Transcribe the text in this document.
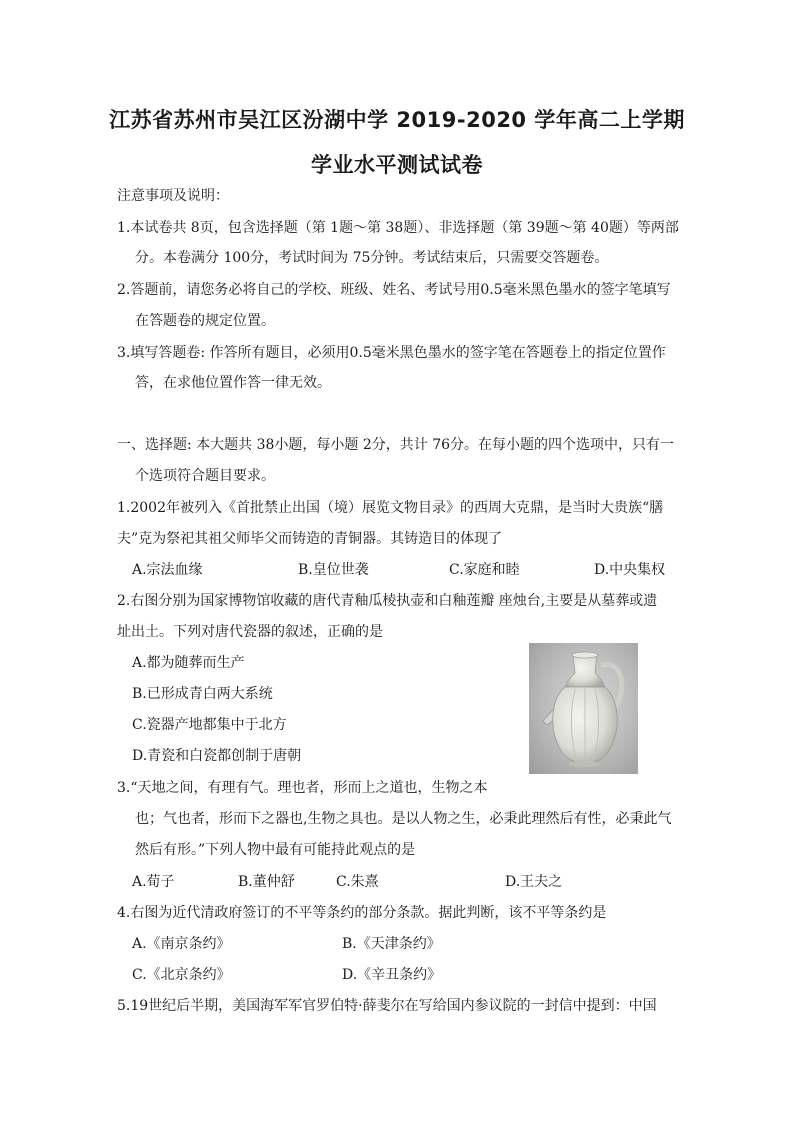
江苏省苏州市吴江区汾湖中学 2019-2020 学年高二上学期
学业水平测试试卷
注意事项及说明：
1.本试卷共 8页，包含选择题（第 1题～第 38题）、非选择题（第 39题～第 40题）等两部
分。本卷满分 100分，考试时间为 75分钟。考试结束后，只需要交答题卷。
2.答题前，请您务必将自己的学校、班级、姓名、考试号用0.5毫米黑色墨水的签字笔填写
在答题卷的规定位置。
3.填写答题卷: 作答所有题目，必须用0.5毫米黑色墨水的签字笔在答题卷上的指定位置作
答，在求他位置作答一律无效。
一、选择题: 本大题共 38小题，每小题 2分，共计 76分。在每小题的四个选项中，只有一
个选项符合题目要求。
1.2002年被列入《首批禁止出国（境）展览文物目录》的西周大克鼎，是当时大贵族“膳
夫”克为祭祀其祖父师毕父而铸造的青铜器。其铸造目的体现了
A.宗法血缘	B.皇位世袭	C.家庭和睦	D.中央集权
2.右图分别为国家博物馆收藏的唐代青釉瓜棱执壶和白釉莲瓣 座烛台,主要是从墓葬或遗
址出土。下列对唐代瓷器的叙述，正确的是
A.都为随葬而生产
B.已形成青白两大系统
C.瓷器产地都集中于北方
D.青瓷和白瓷都创制于唐朝
3.“天地之间，有理有气。理也者，形而上之道也，生物之本
也；气也者，形而下之器也,生物之具也。是以人物之生，必秉此理然后有性，必秉此气
然后有形。”下列人物中最有可能持此观点的是
A.荀子	B.董仲舒	C.朱熹	D.王夫之
4.右图为近代清政府签订的不平等条约的部分条款。据此判断，该不平等条约是
A.《南京条约》	B.《天津条约》
C.《北京条约》	D.《辛丑条约》
5.19世纪后半期，美国海军军官罗伯特·薛斐尔在写给国内参议院的一封信中提到：中国
